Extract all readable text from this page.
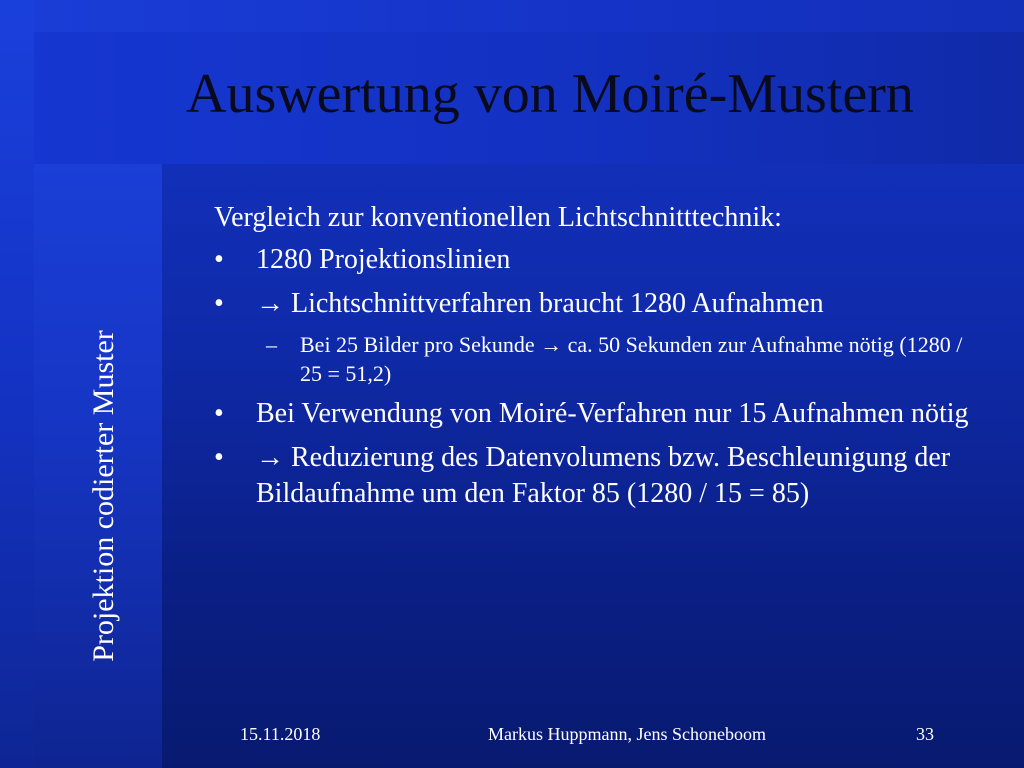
Auswertung von Moiré-Mustern
Projektion codierter Muster

Vergleich zur konventionellen Lichtschnitttechnik:

• 1280 Projektionslinien
• → Lichtschnittverfahren braucht 1280 Aufnahmen
– Bei 25 Bilder pro Sekunde → ca. 50 Sekunden zur Aufnahme nötig (1280 / 25 = 51,2)
• Bei Verwendung von Moiré-Verfahren nur 15 Aufnahmen nötig
• → Reduzierung des Datenvolumens bzw. Beschleunigung der Bildaufnahme um den Faktor 85 (1280 / 15 = 85)
15.11.2018	Markus Huppmann, Jens Schoneboom	33
